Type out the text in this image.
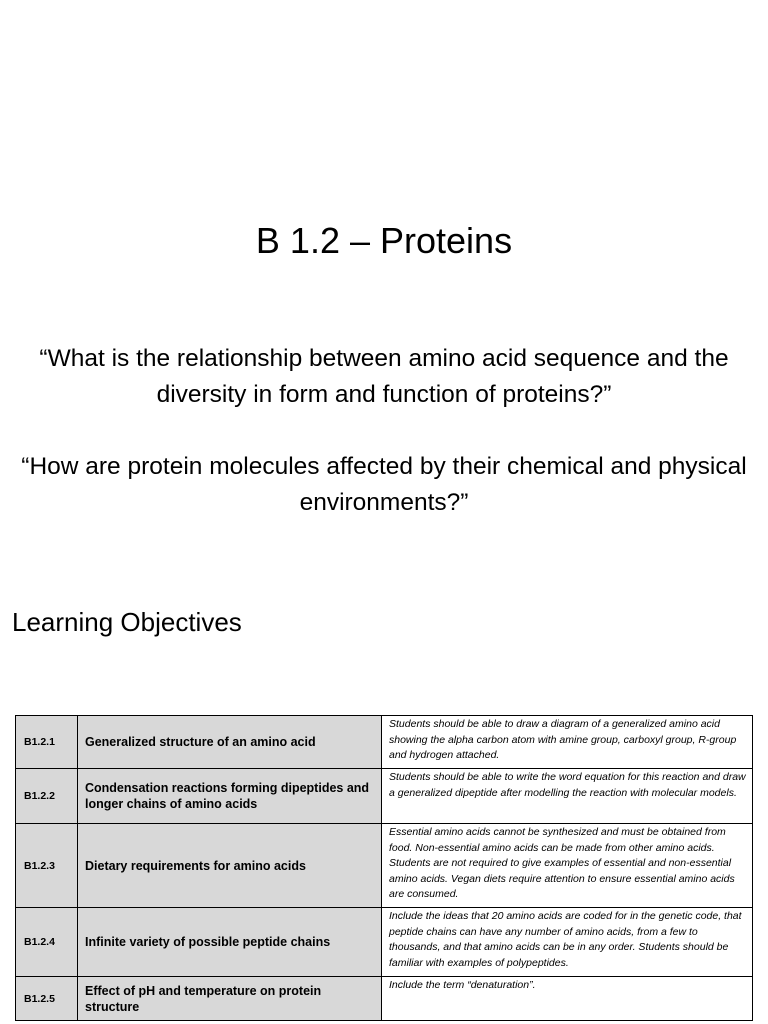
B 1.2 – Proteins
“What is the relationship between amino acid sequence and the diversity in form and function of proteins?”
“How are protein molecules affected by their chemical and physical environments?”
Learning Objectives
B1.2.1	Generalized structure of an amino acid	Students should be able to draw a diagram of a generalized amino acid showing the alpha carbon atom with amine group, carboxyl group, R-group and hydrogen attached.
B1.2.2	Condensation reactions forming dipeptides and longer chains of amino acids	Students should be able to write the word equation for this reaction and draw a generalized dipeptide after modelling the reaction with molecular models.
B1.2.3	Dietary requirements for amino acids	Essential amino acids cannot be synthesized and must be obtained from food. Non-essential amino acids can be made from other amino acids. Students are not required to give examples of essential and non-essential amino acids. Vegan diets require attention to ensure essential amino acids are consumed.
B1.2.4	Infinite variety of possible peptide chains	Include the ideas that 20 amino acids are coded for in the genetic code, that peptide chains can have any number of amino acids, from a few to thousands, and that amino acids can be in any order. Students should be familiar with examples of polypeptides.
B1.2.5	Effect of pH and temperature on protein structure	Include the term “denaturation”.
